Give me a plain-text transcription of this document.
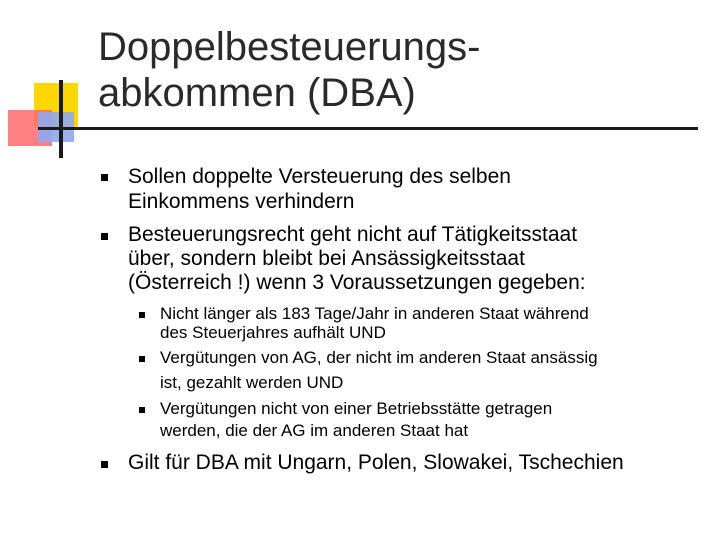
Doppelbesteuerungs-
abkommen (DBA)
Sollen doppelte Versteuerung des selben
Einkommens verhindern
Besteuerungsrecht geht nicht auf Tätigkeitsstaat
über, sondern bleibt bei Ansässigkeitsstaat
(Österreich !) wenn 3 Voraussetzungen gegeben:
Nicht länger als 183 Tage/Jahr in anderen Staat während
des Steuerjahres aufhält UND
Vergütungen von AG, der nicht im anderen Staat ansässig
ist, gezahlt werden UND
Vergütungen nicht von einer Betriebsstätte getragen
werden, die der AG im anderen Staat hat
Gilt für DBA mit Ungarn, Polen, Slowakei, Tschechien
